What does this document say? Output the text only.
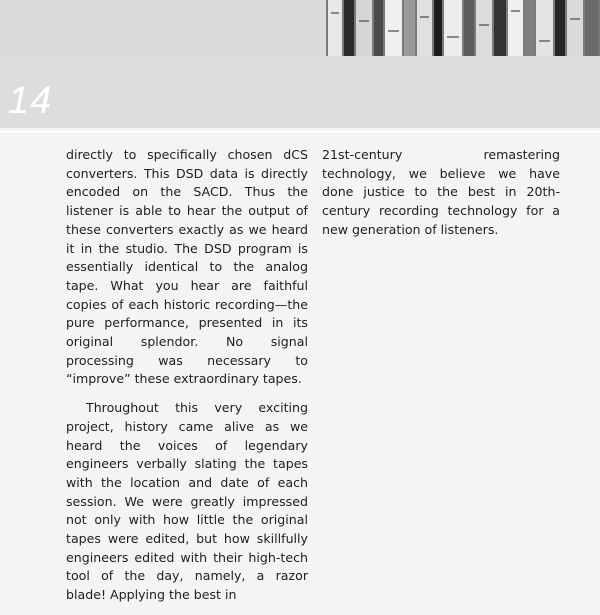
14

directly to specifically chosen dCS converters. This DSD data is directly encoded on the SACD. Thus the listener is able to hear the output of these converters exactly as we heard it in the studio. The DSD program is essentially identical to the analog tape. What you hear are faithful copies of each historic recording—the pure performance, presented in its original splendor. No signal processing was necessary to “improve” these extraordinary tapes.

Throughout this very exciting project, history came alive as we heard the voices of legendary engineers verbally slating the tapes with the location and date of each session. We were greatly impressed not only with how little the original tapes were edited, but how skillfully engineers edited with their high-tech tool of the day, namely, a razor blade! Applying the best in

21st-century remastering technology, we believe we have done justice to the best in 20th-century recording technology for a new generation of listeners.
